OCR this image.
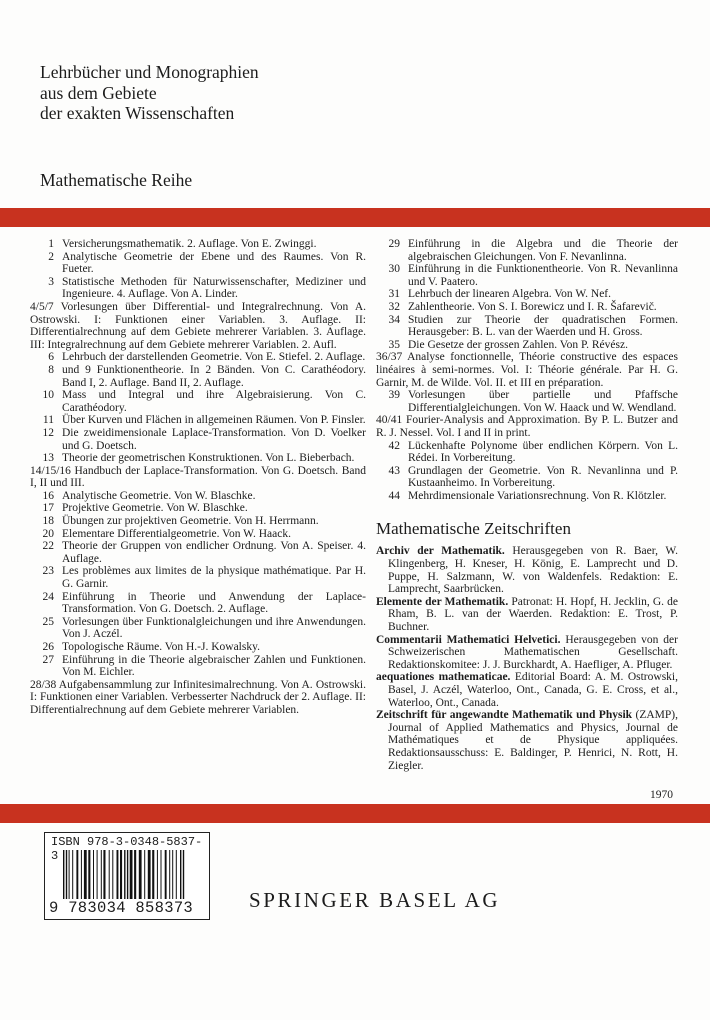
Lehrbücher und Monographien
aus dem Gebiete
der exakten Wissenschaften
Mathematische Reihe
1 Versicherungsmathematik. 2. Auflage. Von E. Zwinggi.
2 Analytische Geometrie der Ebene und des Raumes. Von R. Fueter.
3 Statistische Methoden für Naturwissenschafter, Mediziner und Ingenieure. 4. Auflage. Von A. Linder.
4/5/7 Vorlesungen über Differential- und Integralrechnung. Von A. Ostrowski. I: Funktionen einer Variablen. 3. Auflage. II: Differentialrechnung auf dem Gebiete mehrerer Variablen. 3. Auflage. III: Integralrechnung auf dem Gebiete mehrerer Variablen. 2. Aufl.
6 Lehrbuch der darstellenden Geometrie. Von E. Stiefel. 2. Auflage.
8 und 9 Funktionentheorie. In 2 Bänden. Von C. Carathéodory. Band I, 2. Auflage. Band II, 2. Auflage.
10 Mass und Integral und ihre Algebraisierung. Von C. Carathéodory.
11 Über Kurven und Flächen in allgemeinen Räumen. Von P. Finsler.
12 Die zweidimensionale Laplace-Transformation. Von D. Voelker und G. Doetsch.
13 Theorie der geometrischen Konstruktionen. Von L. Bieberbach.
14/15/16 Handbuch der Laplace-Transformation. Von G. Doetsch. Band I, II und III.
16 Analytische Geometrie. Von W. Blaschke.
17 Projektive Geometrie. Von W. Blaschke.
18 Übungen zur projektiven Geometrie. Von H. Herrmann.
20 Elementare Differentialgeometrie. Von W. Haack.
22 Theorie der Gruppen von endlicher Ordnung. Von A. Speiser. 4. Auflage.
23 Les problèmes aux limites de la physique mathématique. Par H. G. Garnir.
24 Einführung in Theorie und Anwendung der Laplace-Transformation. Von G. Doetsch. 2. Auflage.
25 Vorlesungen über Funktionalgleichungen und ihre Anwendungen. Von J. Aczél.
26 Topologische Räume. Von H.-J. Kowalsky.
27 Einführung in die Theorie algebraischer Zahlen und Funktionen. Von M. Eichler.
28/38 Aufgabensammlung zur Infinitesimalrechnung. Von A. Ostrowski. I: Funktionen einer Variablen. Verbesserter Nachdruck der 2. Auflage. II: Differentialrechnung auf dem Gebiete mehrerer Variablen.
29 Einführung in die Algebra und die Theorie der algebraischen Gleichungen. Von F. Nevanlinna.
30 Einführung in die Funktionentheorie. Von R. Nevanlinna und V. Paatero.
31 Lehrbuch der linearen Algebra. Von W. Nef.
32 Zahlentheorie. Von S. I. Borewicz und I. R. Šafarevič.
34 Studien zur Theorie der quadratischen Formen. Herausgeber: B. L. van der Waerden und H. Gross.
35 Die Gesetze der grossen Zahlen. Von P. Révész.
36/37 Analyse fonctionnelle, Théorie constructive des espaces linéaires à semi-normes. Vol. I: Théorie générale. Par H. G. Garnir, M. de Wilde. Vol. II. et III en préparation.
39 Vorlesungen über partielle und Pfaffsche Differentialgleichungen. Von W. Haack und W. Wendland.
40/41 Fourier-Analysis and Approximation. By P. L. Butzer and R. J. Nessel. Vol. I and II in print.
42 Lückenhafte Polynome über endlichen Körpern. Von L. Rédei. In Vorbereitung.
43 Grundlagen der Geometrie. Von R. Nevanlinna und P. Kustaanheimo. In Vorbereitung.
44 Mehrdimensionale Variationsrechnung. Von R. Klötzler.
Mathematische Zeitschriften
Archiv der Mathematik. Herausgegeben von R. Baer, W. Klingenberg, H. Kneser, H. König, E. Lamprecht und D. Puppe, H. Salzmann, W. von Waldenfels. Redaktion: E. Lamprecht, Saarbrücken.
Elemente der Mathematik. Patronat: H. Hopf, H. Jecklin, G. de Rham, B. L. van der Waerden. Redaktion: E. Trost, P. Buchner.
Commentarii Mathematici Helvetici. Herausgegeben von der Schweizerischen Mathematischen Gesellschaft. Redaktionskomitee: J. J. Burckhardt, A. Haefliger, A. Pfluger.
aequationes mathematicae. Editorial Board: A. M. Ostrowski, Basel, J. Aczél, Waterloo, Ont., Canada, G. E. Cross, et al., Waterloo, Ont., Canada.
Zeitschrift für angewandte Mathematik und Physik (ZAMP), Journal of Applied Mathematics and Physics, Journal de Mathématiques et de Physique appliquées. Redaktionsausschuss: E. Baldinger, P. Henrici, N. Rott, H. Ziegler.
1970
ISBN 978-3-0348-5837-3
9 783034 858373	SPRINGER BASEL AG
